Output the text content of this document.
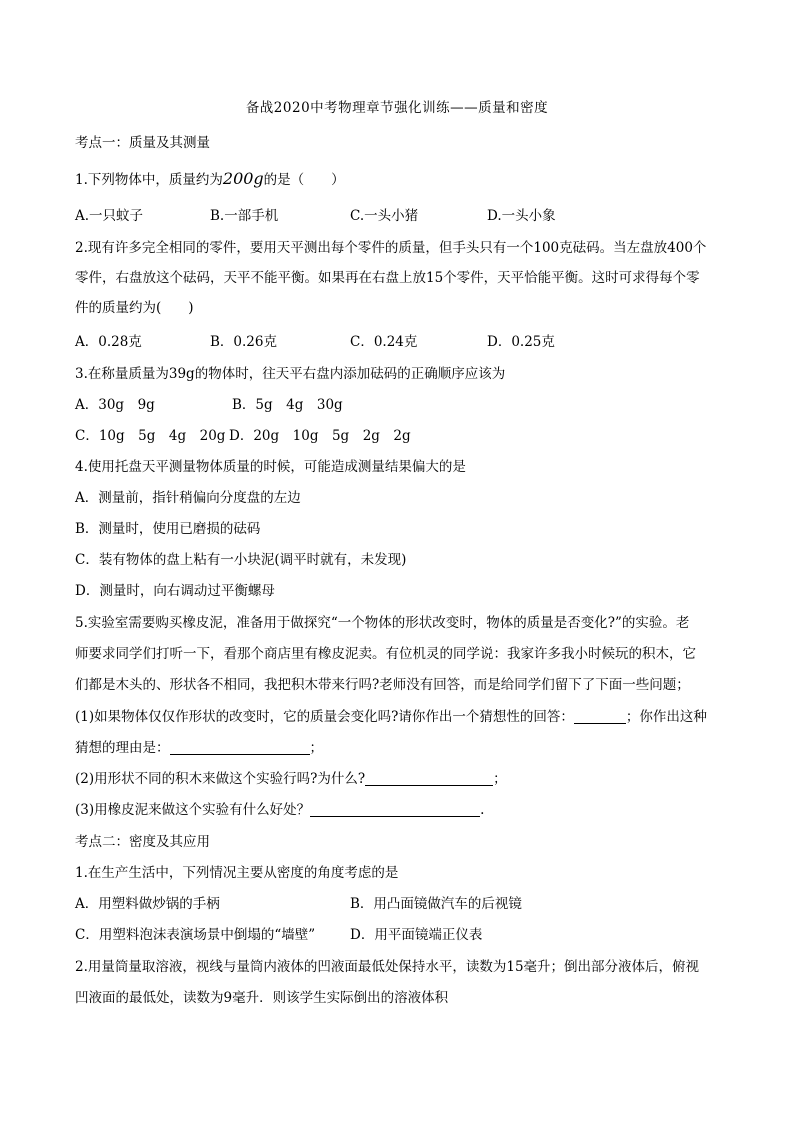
备战2020中考物理章节强化训练——质量和密度
考点一：质量及其测量
1.下列物体中，质量约为200g的是（　　）
A.一只蚊子	B.一部手机	C.一头小猪	D.一头小象
2.现有许多完全相同的零件，要用天平测出每个零件的质量，但手头只有一个100克砝码。当左盘放400个
零件，右盘放这个砝码，天平不能平衡。如果再在右盘上放15个零件，天平恰能平衡。这时可求得每个零
件的质量约为(　　)
A．0.28克	B．0.26克	C．0.24克	D．0.25克
3.在称量质量为39g的物体时，往天平右盘内添加砝码的正确顺序应该为
A．30g　9g	B．5g　4g　30g
C．10g　5g　4g　20g D．20g　10g　5g　2g　2g
4.使用托盘天平测量物体质量的时候，可能造成测量结果偏大的是
A．测量前，指针稍偏向分度盘的左边
B．测量时，使用已磨损的砝码
C．装有物体的盘上粘有一小块泥(调平时就有，未发现)
D．测量时，向右调动过平衡螺母
5.实验室需要购买橡皮泥，准备用于做探究“一个物体的形状改变时，物体的质量是否变化?”的实验。老
师要求同学们打听一下，看那个商店里有橡皮泥卖。有位机灵的同学说：我家许多我小时候玩的积木，它
们都是木头的、形状各不相同，我把积木带来行吗?老师没有回答，而是给同学们留下了下面一些问题；
(1)如果物体仅仅作形状的改变时，它的质量会变化吗?请你作出一个猜想性的回答：	；你作出这种
猜想的理由是：	；
(2)用形状不同的积木来做这个实验行吗?为什么?	；
(3)用橡皮泥来做这个实验有什么好处？	.
考点二：密度及其应用
1.在生产生活中，下列情况主要从密度的角度考虑的是
A．用塑料做炒锅的手柄	B．用凸面镜做汽车的后视镜
C．用塑料泡沫表演场景中倒塌的“墙壁”	D．用平面镜端正仪表
2.用量筒量取溶液，视线与量筒内液体的凹液面最低处保持水平，读数为15毫升；倒出部分液体后，俯视
凹液面的最低处，读数为9毫升．则该学生实际倒出的溶液体积
